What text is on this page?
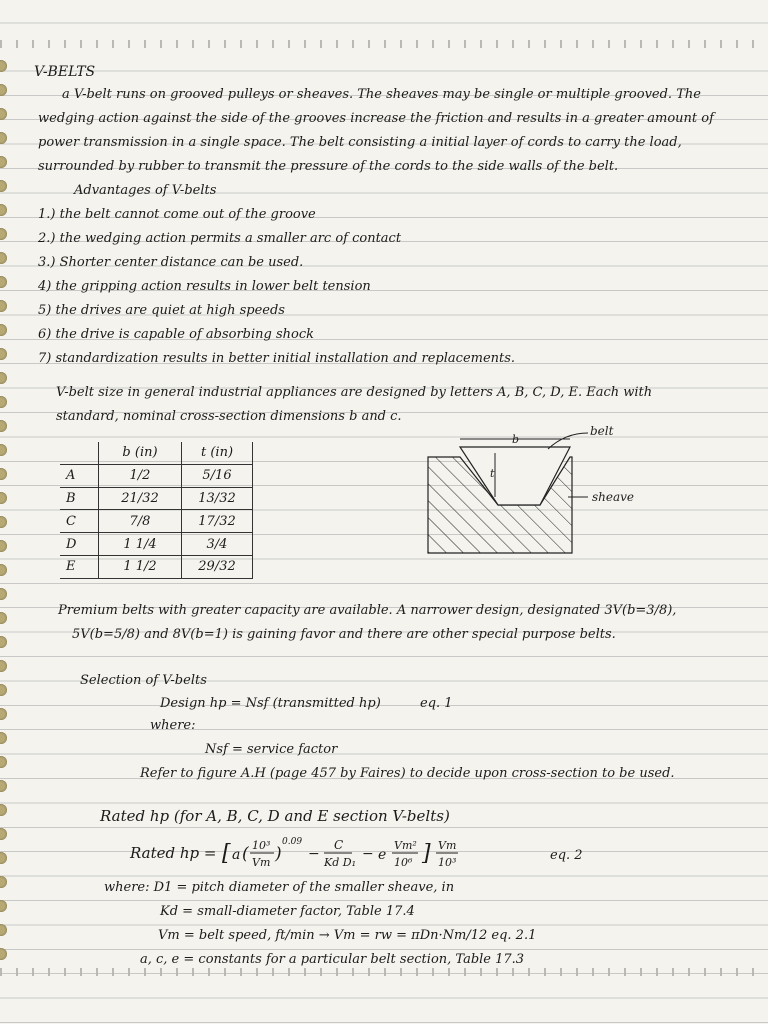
V-BELTS
a V-belt runs on grooved pulleys or sheaves. The sheaves may be single or multiple grooved. The
wedging action against the side of the grooves increase the friction and results in a greater amount of
power transmission in a single space. The belt consisting a initial layer of cords to carry the load,
surrounded by rubber to transmit the pressure of the cords to the side walls of the belt.
Advantages of V-belts
1.) the belt cannot come out of the groove
2.) the wedging action permits a smaller arc of contact
3.) Shorter center distance can be used.
4) the gripping action results in lower belt tension
5) the drives are quiet at high speeds
6) the drive is capable of absorbing shock
7) standardization results in better initial installation and replacements.
V-belt size in general industrial appliances are designed by letters A, B, C, D, E. Each with
standard, nominal cross-section dimensions b and c.
	b (in)	t (in)
A	1/2	5/16
B	21/32	13/32
C	7/8	17/32
D	1 1/4	3/4
E	1 1/2	29/32
b
t
belt
sheave
Premium belts with greater capacity are available. A narrower design, designated 3V(b=3/8),
5V(b=5/8) and 8V(b=1) is gaining favor and there are other special purpose belts.
Selection of V-belts
Design hp = Nsf (transmitted hp)	eq. 1
where:
Nsf = service factor
Refer to figure A.H (page 457 by Faires) to decide upon cross-section to be used.
Rated hp (for A, B, C, D and E section V-belts)
Rated hp = [ a ( 10³
Vm )
0.09
−
C
Kd D₁
− e
Vm²
10⁶ ] Vm
10³	eq. 2
where: D1 = pitch diameter of the smaller sheave, in
Kd = small-diameter factor, Table 17.4
Vm = belt speed, ft/min → Vm = rw = πDn·Nm/12 eq. 2.1
a, c, e = constants for a particular belt section, Table 17.3
